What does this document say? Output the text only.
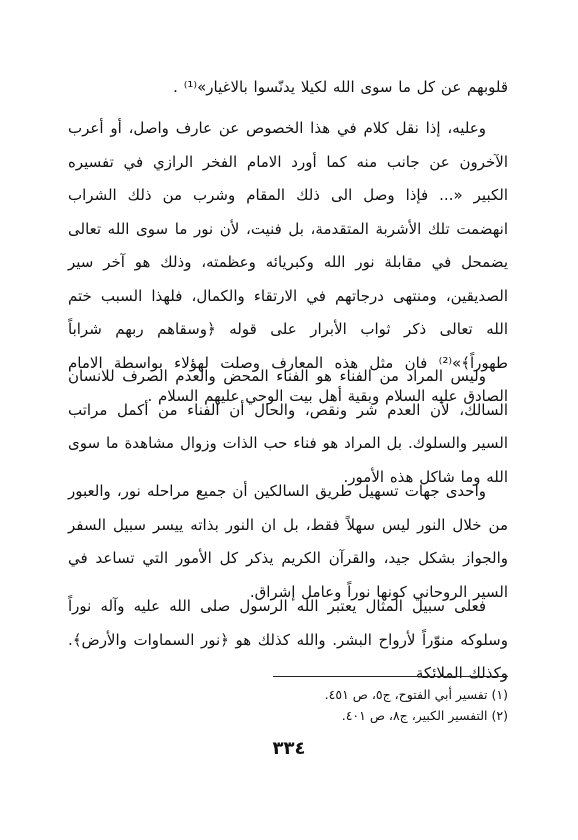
قلوبهم عن كل ما سوى الله لكيلا يدنّسوا بالاغيار»⁽¹⁾ .

وعليه، إذا نقل كلام في هذا الخصوص عن عارف واصل، أو أعرب الآخرون عن جانب منه كما أورد الامام الفخر الرازي في تفسيره الكبير «... فإذا وصل الى ذلك المقام وشرب من ذلك الشراب انهضمت تلك الأشربة المتقدمة، بل فنيت، لأن نور ما سوى الله تعالى يضمحل في مقابلة نور الله وكبريائه وعظمته، وذلك هو آخر سير الصديقين، ومنتهى درجاتهم في الارتقاء والكمال، فلهذا السبب ختم الله تعالى ذكر ثواب الأبرار على قوله ﴿وسقاهم ربهم شراباً طهوراً﴾»⁽²⁾ فان مثل هذه المعارف وصلت لهؤلاء بواسطة الامام الصادق عليه السلام وبقية أهل بيت الوحي عليهم السلام .

وليس المراد من الفناء هو الفناء المحض والعدم الصرف للانسان السالك، لأن العدم شر ونقص، والحال أن الفناء من أكمل مراتب السير والسلوك. بل المراد هو فناء حب الذات وزوال مشاهدة ما سوى الله وما شاكل هذه الأمور.

واحدى جهات تسهيل طريق السالكين أن جميع مراحله نور، والعبور من خلال النور ليس سهلاً فقط، بل ان النور بذاته ييسر سبيل السفر والجواز بشكل جيد، والقرآن الكريم يذكر كل الأمور التي تساعد في السير الروحاني كونها نوراً وعامل إشراق.

فعلى سبيل المثال يعتبر الله الرسول صلى الله عليه وآله نوراً وسلوكه منوّراً لأرواح البشر. والله كذلك هو ﴿نور السماوات والأرض﴾. وكذلك الملائكة

(١) تفسير أبي الفتوح، ج٥، ص ٤٥١.
(٢) التفسير الكبير، ج٨، ص ٤٠١.
٣٣٤
